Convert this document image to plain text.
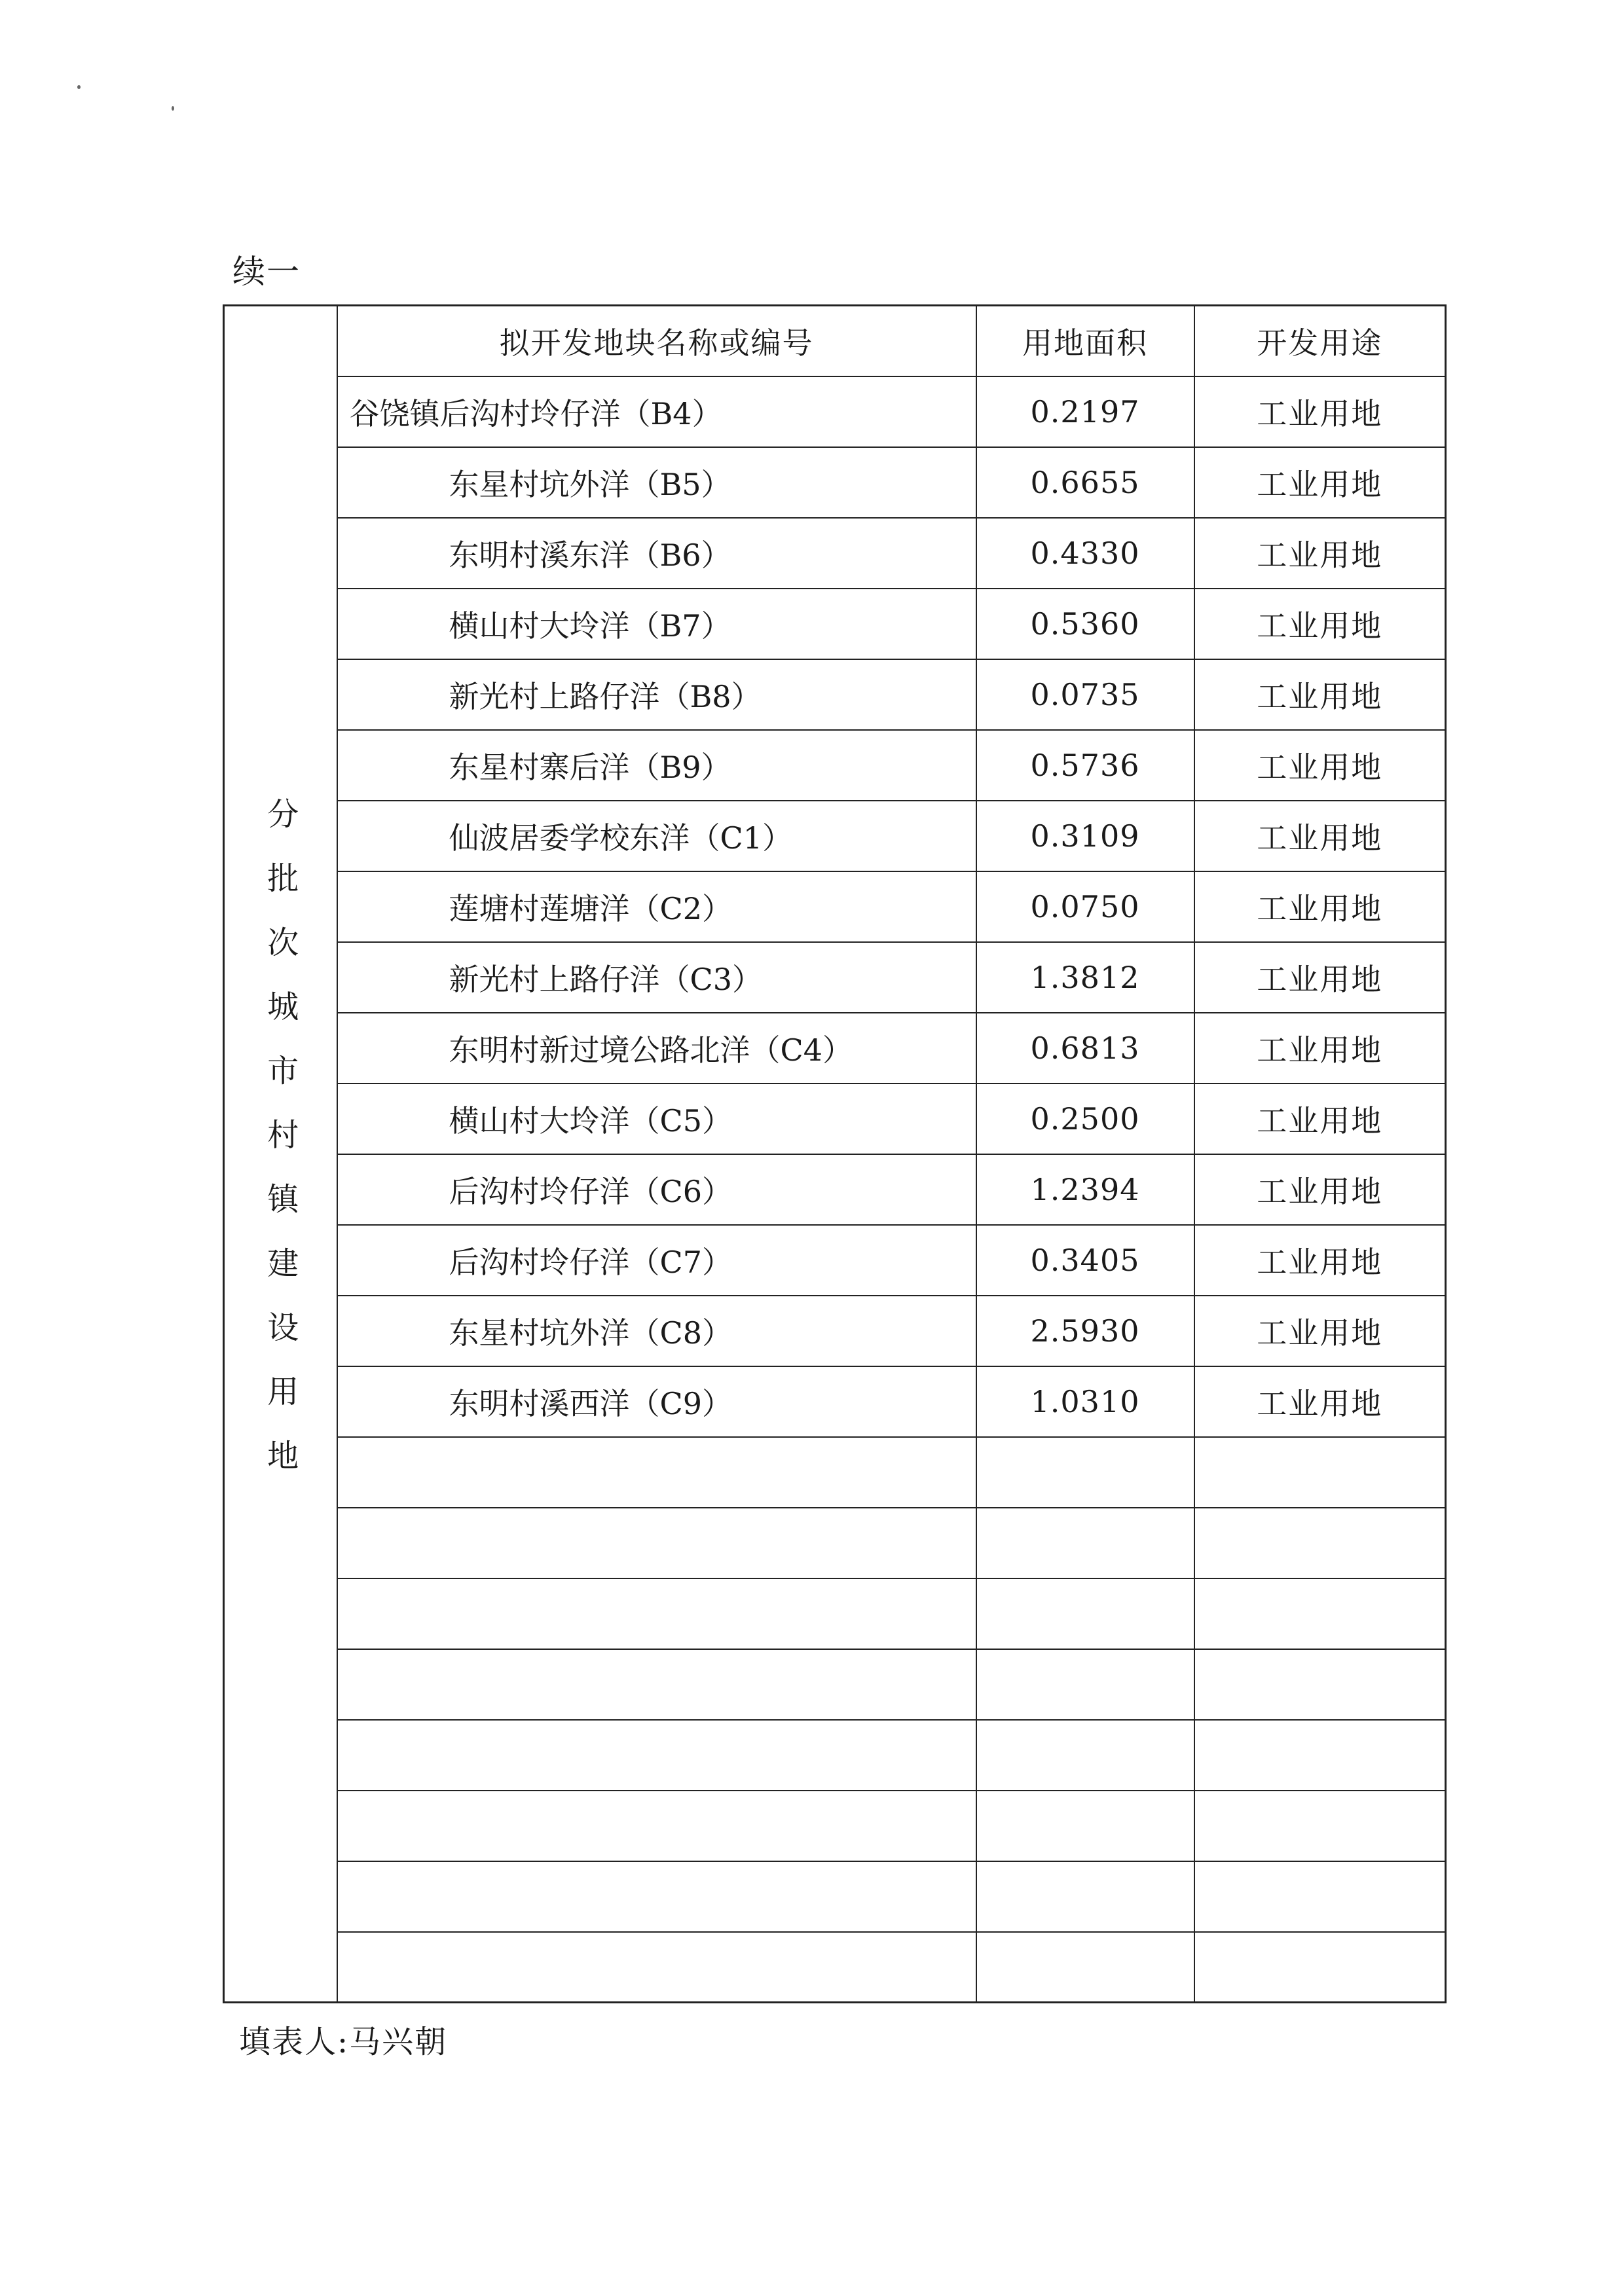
续一
分批次城市村镇建设用地	拟开发地块名称或编号	用地面积	开发用途
	谷饶镇后沟村坽仔洋（B4）	0.2197	工业用地
	东星村坑外洋（B5）	0.6655	工业用地
	东明村溪东洋（B6）	0.4330	工业用地
	横山村大坽洋（B7）	0.5360	工业用地
	新光村上路仔洋（B8）	0.0735	工业用地
	东星村寨后洋（B9）	0.5736	工业用地
	仙波居委学校东洋（C1）	0.3109	工业用地
	莲塘村莲塘洋（C2）	0.0750	工业用地
	新光村上路仔洋（C3）	1.3812	工业用地
	东明村新过境公路北洋（C4）	0.6813	工业用地
	横山村大坽洋（C5）	0.2500	工业用地
	后沟村坽仔洋（C6）	1.2394	工业用地
	后沟村坽仔洋（C7）	0.3405	工业用地
	东星村坑外洋（C8）	2.5930	工业用地
	东明村溪西洋（C9）	1.0310	工业用地

填表人:马兴朝
